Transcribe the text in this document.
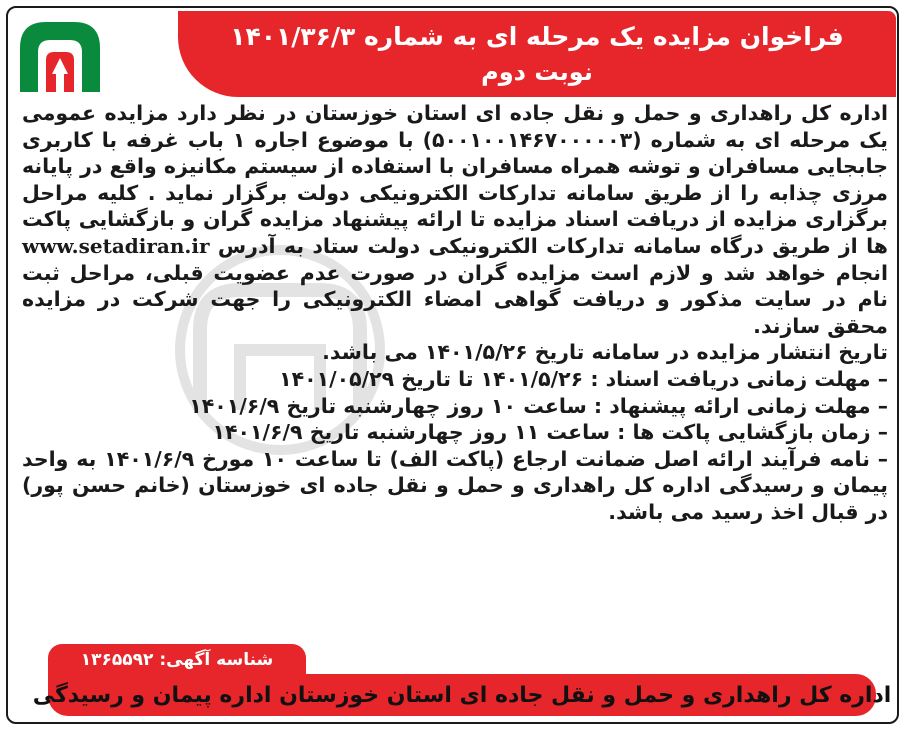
فراخوان مزایده یک مرحله ای به شماره ۱۴۰۱/۳۶/۳
نوبت دوم

اداره کل راهداری و حمل و نقل جاده ای استان خوزستان در نظر دارد مزایده عمومی یک مرحله ای به شماره (۵۰۰۱۰۰۱۴۶۷۰۰۰۰۰۳) با موضوع اجاره ۱ باب غرفه با کاربری جابجایی مسافران و توشه همراه مسافران با استفاده از سیستم مکانیزه واقع در پایانه مرزی چذابه را از طریق سامانه تدارکات الکترونیکی دولت برگزار نماید . کلیه مراحل برگزاری مزایده از دریافت اسناد مزایده تا ارائه پیشنهاد مزایده گران و بازگشایی پاکت ها از طریق درگاه سامانه تدارکات الکترونیکی دولت ستاد به آدرس www.setadiran.ir انجام خواهد شد و لازم است مزایده گران در صورت عدم عضویت قبلی، مراحل ثبت نام در سایت مذکور و دریافت گواهی امضاء الکترونیکی را جهت شرکت در مزایده محقق سازند.

تاریخ انتشار مزایده در سامانه تاریخ ۱۴۰۱/۵/۲۶ می باشد.

– مهلت زمانی دریافت اسناد : ۱۴۰۱/۵/۲۶ تا تاریخ ۱۴۰۱/۰۵/۲۹

– مهلت زمانی ارائه پیشنهاد : ساعت ۱۰ روز چهارشنبه تاریخ ۱۴۰۱/۶/۹

– زمان بازگشایی پاکت ها : ساعت ۱۱ روز چهارشنبه تاریخ ۱۴۰۱/۶/۹

– نامه فرآیند ارائه اصل ضمانت ارجاع (پاکت الف) تا ساعت ۱۰ مورخ ۱۴۰۱/۶/۹ به واحد پیمان و رسیدگی اداره کل راهداری و حمل و نقل جاده ای خوزستان (خانم حسن پور) در قبال اخذ رسید می باشد.

شناسه آگهی: ۱۳۶۵۵۹۲
اداره کل راهداری و حمل و نقل جاده ای استان خوزستان اداره پیمان و رسیدگی
